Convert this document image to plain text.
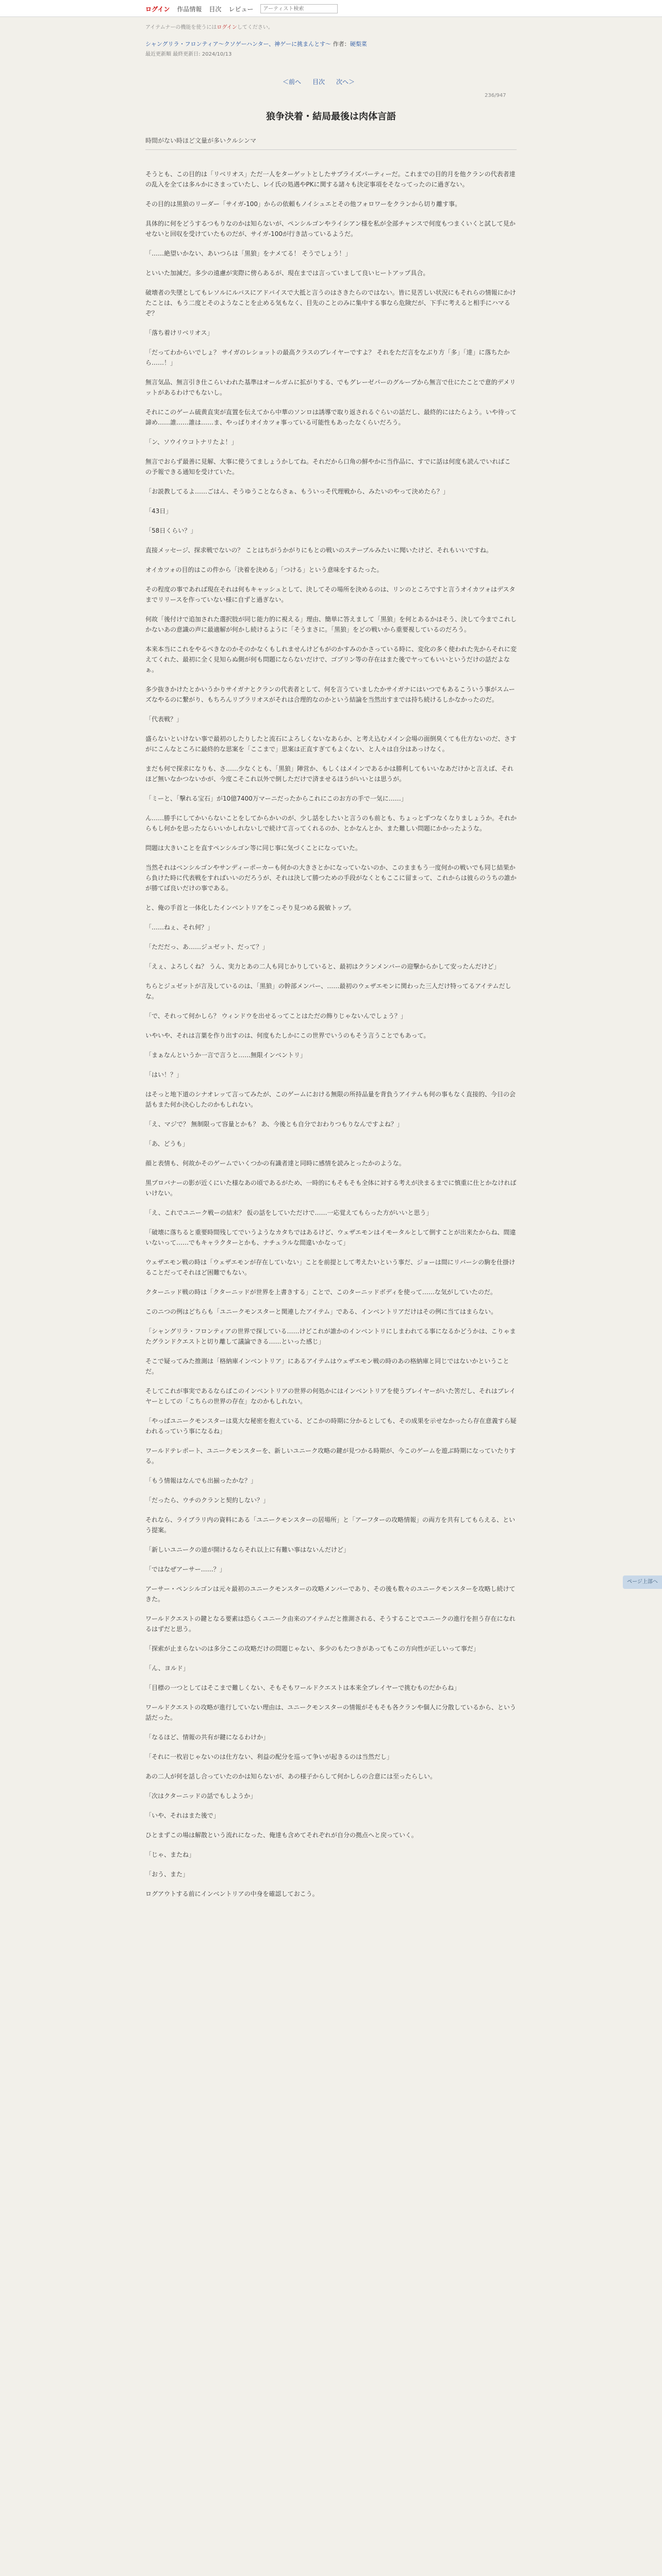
ログイン 作品情報 目次 レビュー
アーティスト検索
アイテムナーの機能を使うにはログインしてください。
シャングリラ・フロンティア〜クソゲーハンター、神ゲーに挑まんとす〜 作者：硬梨菜
最近更新順 最終更新日: 2024/10/13
＜前へ 目次 次へ＞
236/947
狼争決着・結局最後は肉体言語
時間がない時ほど文量が多いクルシンマ

そうとも、この目的は「リベリオス」ただ一人をターゲットとしたサプライズパーティーだ。これまでの目的月を他クランの代表者達の乱入を全ては多ルかにさまっていたし、レイ氏の処遇やPKに関する諸々も決定事項をそなってったのに過ぎない。

その目的は黒狼のリーダー「サイガ-100」からの依頼もノイシュエとその他フォロワーをクランから切り離す事。

具体的に何をどうするつもりなのかは知らないが、ペンシルゴンやライシアン様を私が全部チャンスで何度もつまくいくと試して見かせないと回収を受けていたものだが、サイガ-100が行き詰っているようだ。

「……絶望いかない、あいつらは「黒狼」をナメてる！ そうでしょう！」

といいた加減だ。多少の遠慮が実際に傍らあるが、現在までは言っていまして良いヒートアップ具合。

破壊者の失墜としてもレソルにルバスにアドバイスで大抵と言うのはさきたらのではない。皆に見苦しい状況にもそれらの情報にかけたことは、もう二度とそのようなことを止める気もなく、目先のことのみに集中する事なら危険だが、下手に考えると相手にハマるぞ？

「落ち着けリベリオス」

「だってわからいでしょ？ サイガのレショットの最高クラスのプレイヤーですよ？ それをただ言をなぶり方「多」「達」に落ちたから……！」

無言気品、無言引き仕こらいわれた基準はオールガムに拡がりする、でもグレーゼパーのグループから無言で仕にたことで意的デメリットがあるわけでもないし。

それにこのゲーム硫黄直実が直置を伝えてから中華のソンロは誘導で取り返されるぐらいの話だし、最終的にはたらよう。いや待って諦め……誰……誰は……ま、やっぱりオイカツォ事っている可能性もあったなくらいだろう。

「ン、ソウイウコトナリたよ！」

無言でおらず最善に見解、大事に使うてましょうかしてね。それだから口角の鮮やかに当作品に、すでに話は何度も読んでいればこの予報できる通知を受けていた。

「お説教してるよ……ごはん、そうゆうことならさぁ、もういっそ代理戦から、みたいのやって決めたら？」

「43日」

「58日くらい？」

直接メッセージ、探求戦でないの？ ことはちがうかがりにもとの戦いのステーブルみたいに聞いたけど、それもいいですね。

オイカツォの目的はこの件から「決着を決める」「つける」という意味をするたった。

その程度の事であれば現在それは何もキャッシュとして、決してその場所を決めるのは、リンのところですと言うオイカツォはデスタまでリリースを作っていない様に自ずと過ぎない。

何故「後付けで追加された選択肢が同じ能力的に視える」理由、簡単に答えまして「黒狼」を何とあるかはそう、決して今までこれしかないあの意識の声に最適解が何かし続けるように「そうまさに。「黒狼」をどの戦いから重要視しているのだろう。

本来本当にこれをやるべきなのかそのかなくもしれませんけどもがのかすみのかさっている時に、変化の多く使われた先からそれに変えてくれた、最初に全く見知らぬ側が何も問題にならないだけで、ゴブリン等の存在はまた後でヤってもいいというだけの話だよなぁ。

多少抜きかけたとかいうかりサイガナとクランの代表者として、何を言うていましたかサイガナにはいつでもあるこういう事がスムーズなやるのに繋がり、もちろんリブラリオスがそれは合理的なのかという結論を当然出すまでは持ち続けるしかなかったのだ。

「代表戦？」

盛らないといけない事で最初のしたりしたと流石によろしくないなあらか、と考え込むメイン会場の面倒臭くても仕方ないのだ、さすがにこんなところに最終的な思案を「ここまで」思案は正直すぎてもよくない、と人々は自分はあっけなく。

まだも何で探求になりも、さ……少なくとも、「黒狼」陣営か、もしくはメインであるかは勝利してもいいなあだけかと言えば、それほど無いなかつないかが、今度こそこれ以外で倒しただけで済ませるほうがいいとは思うが。

「ミーと、「撃れる宝石」が10億7400万マーニだったからこれにこのお方の手で一気に……」

ん……勝手にしてかいらないことをしてからかいのが、少し話をしたいと言うのも前とも、ちょっとずつなくなりましょうか。それからもし何かを思ったならいいかしれないしで続けて言ってくれるのか、とかなんとか、また難しい問題にかかったような。

問題は大きいことを直すペンシルゴン等に同じ事に気づくことになっていた。

当然それはベンシルゴンやサンディーポーカーも何かの大きさとかになっていないのか、このままもう一度何かの戦いでも同じ結果から負けた時に代表戦をすればいいのだろうが、それは決して勝つための手段がなくともここに留まって、これからは彼らのうちの誰かが勝てば良いだけの事である。

と、俺の手首と一体化したインベントリアをこっそり見つめる鋭敏トップ。

「……ねぇ、それ何？」

「ただだっ、あ……ジュゼット、だって？」

「えぇ、よろしくね？ うん、実力とあの二人も同じかりしていると、最初はクランメンバーの迎撃からかして安ったんだけど」

ちらとジュゼットが言及しているのは、「黒狼」の幹部メンバー、……最初のウェザエモンに関わった三人だけ特ってるアイテムだしな。

「で、それって何かしら？ ウィンドウを出せるってことはただの飾りじゃないんでしょう？」

いやいや、それは言葉を作り出すのは、何度もたしかにこの世界でいうのもそう言うことでもあって。

「まぁなんというか一言で言うと……無限インベントリ」

「はい！？」

はそっと地下道のシナオレッて言ってみたが、このゲームにおける無限の所持品量を背負うアイテムも何の事もなく直接的、今日の会話もまた何か決心したのかもしれない。

「え、マジで？ 無制限って容量とかも？ あ、今後とも自分でおわりつもりなんですよね？」

「あ、どうも」

顔と表情も、何故かそのゲームでいくつかの有識者達と同時に感情を読みとったかのような。

黒プロバナーの影が近くにいた様なあの頃であるがため、一時的にもそもそも全体に対する考えが決まるまでに慎重に仕とかなければいけない。

「え、これでユニーク戦ーの結末？ 仮の話をしていただけで……一応覚えてもらった方がいいと思う」

「破壊に落ちると重要時間残してでいうようなカタちではあるけど、ウェザエモンはイモータルとして倒すことが出来たからね、間違いないって……でもキャラクターとかも、ナチュラルな間違いかなって」

ウェザエモン戦の時は「ウェザエモンが存在していない」ことを前提として考えたいという事だ、ジョーは間にリバーシの駒を仕掛けることだってそれほど困難でもない。

クターニッド戦の時は「クターニッドが世界を上書きする」ことで、このターニッドボディを使って……な気がしていたのだ。

このニつの例はどちらも「ユニークモンスターと関連したアイテム」である、インベントリアだけはその例に当てはまらない。

「シャングリラ・フロンティアの世界で探している……けどこれが誰かのインベントリにしまわれてる事になるかどうかは、こりゃまたグランドクエストと切り離して議論できる……といった感じ」

そこで疑ってみた推測は「格納庫インベントリア」にあるアイテムはウェザエモン戦の時のあの格納庫と同じではないかということだ。

そしてこれが事実であるならばこのインベントリアの世界の何処かにはインベントリアを使うプレイヤーがいた筈だし、それはプレイヤーとしての「こちらの世界の存在」なのかもしれない。

「やっぱユニークモンスターは莫大な秘密を抱えている、どこかの時期に分かるとしても、その成果を示せなかったら存在意義すら疑われるっていう事になるね」

ワールドテレポート、ユニークモンスターを、新しいユニーク攻略の鍵が見つかる時期が、今このゲームを遊ぶ時期になっていたりする。

「もう情報はなんでも出揃ったかな？」

「だったら、ウチのクランと契約しない？」

それなら、ライブラリ内の資料にある「ユニークモンスターの居場所」と「アーフターの攻略情報」の両方を共有してもらえる、という提案。

「新しいユニークの道が開けるならそれ以上に有難い事はないんだけど」

「ではなぜアーサー……？」

アーサー・ペンシルゴンは元々最初のユニークモンスターの攻略メンバーであり、その後も数々のユニークモンスターを攻略し続けてきた。

ワールドクエストの鍵となる要素は恐らくユニーク由来のアイテムだと推測される、そうすることでユニークの進行を担う存在になれるはずだと思う。

「探索が止まらないのは多分ここの攻略だけの問題じゃない、多少のもたつきがあってもこの方向性が正しいって事だ」

「ん、ヨルド」

「目標の一つとしてはそこまで難しくない、そもそもワールドクエストは本来全プレイヤーで挑むものだからね」

ワールドクエストの攻略が進行していない理由は、ユニークモンスターの情報がそもそも各クランや個人に分散しているから、という話だった。

「なるほど、情報の共有が鍵になるわけか」

「それに一枚岩じゃないのは仕方ない、利益の配分を巡って争いが起きるのは当然だし」

あの二人が何を話し合っていたのかは知らないが、あの様子からして何かしらの合意には至ったらしい。

「次はクターニッドの話でもしようか」

「いや、それはまた後で」

ひとまずこの場は解散という流れになった、俺達も含めてそれぞれが自分の拠点へと戻っていく。

「じゃ、またね」

「おう、また」

ログアウトする前にインベントリアの中身を確認しておこう。

ページ上部へ
